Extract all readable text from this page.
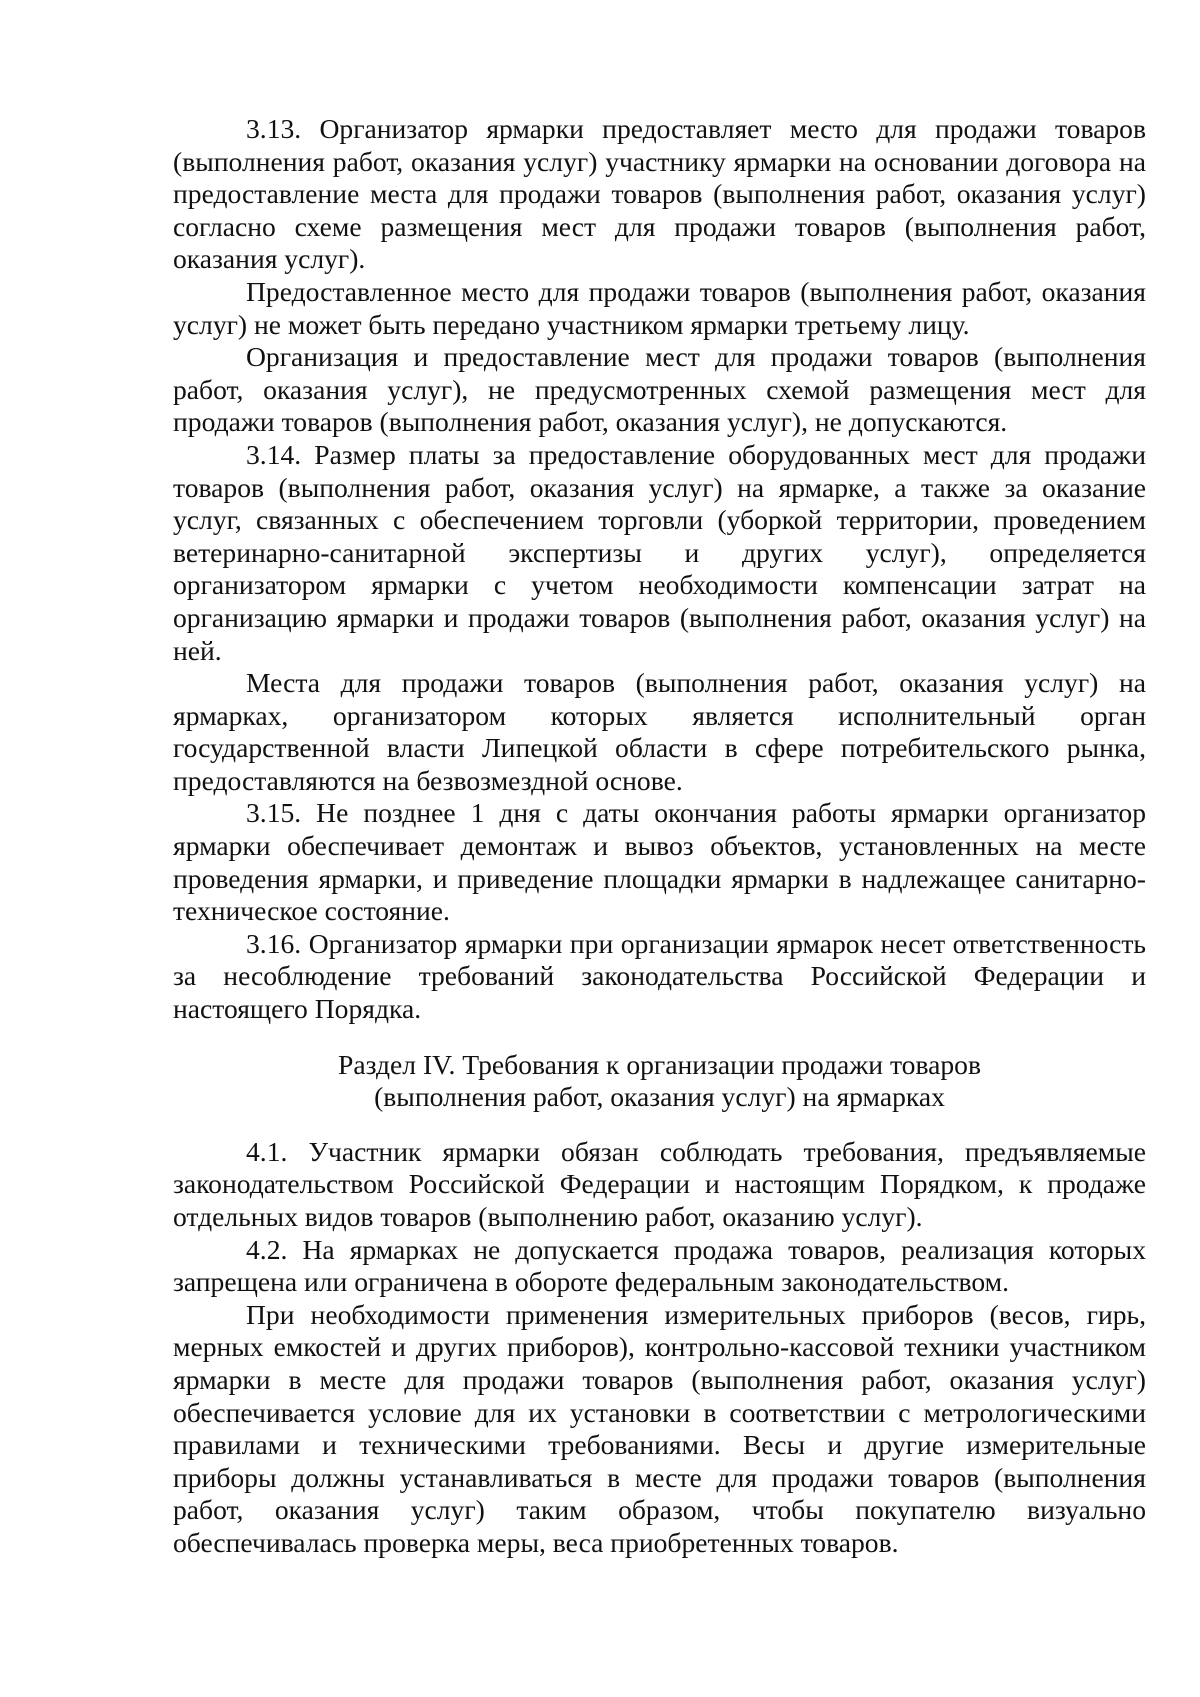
3.13. Организатор ярмарки предоставляет место для продажи товаров (выполнения работ, оказания услуг) участнику ярмарки на основании договора на предоставление места для продажи товаров (выполнения работ, оказания услуг) согласно схеме размещения мест для продажи товаров (выполнения работ, оказания услуг).

Предоставленное место для продажи товаров (выполнения работ, оказания услуг) не может быть передано участником ярмарки третьему лицу.

Организация и предоставление мест для продажи товаров (выполнения работ, оказания услуг), не предусмотренных схемой размещения мест для продажи товаров (выполнения работ, оказания услуг), не допускаются.

3.14. Размер платы за предоставление оборудованных мест для продажи товаров (выполнения работ, оказания услуг) на ярмарке, а также за оказание услуг, связанных с обеспечением торговли (уборкой территории, проведением ветеринарно-санитарной экспертизы и других услуг), определяется организатором ярмарки с учетом необходимости компенсации затрат на организацию ярмарки и продажи товаров (выполнения работ, оказания услуг) на ней.

Места для продажи товаров (выполнения работ, оказания услуг) на ярмарках, организатором которых является исполнительный орган государственной власти Липецкой области в сфере потребительского рынка, предоставляются на безвозмездной основе.

3.15. Не позднее 1 дня с даты окончания работы ярмарки организатор ярмарки обеспечивает демонтаж и вывоз объектов, установленных на месте проведения ярмарки, и приведение площадки ярмарки в надлежащее санитарно-техническое состояние.

3.16. Организатор ярмарки при организации ярмарок несет ответственность за несоблюдение требований законодательства Российской Федерации и настоящего Порядка.

Раздел IV. Требования к организации продажи товаров
(выполнения работ, оказания услуг) на ярмарках

4.1. Участник ярмарки обязан соблюдать требования, предъявляемые законодательством Российской Федерации и настоящим Порядком, к продаже отдельных видов товаров (выполнению работ, оказанию услуг).

4.2. На ярмарках не допускается продажа товаров, реализация которых запрещена или ограничена в обороте федеральным законодательством.

При необходимости применения измерительных приборов (весов, гирь, мерных емкостей и других приборов), контрольно-кассовой техники участником ярмарки в месте для продажи товаров (выполнения работ, оказания услуг) обеспечивается условие для их установки в соответствии с метрологическими правилами и техническими требованиями. Весы и другие измерительные приборы должны устанавливаться в месте для продажи товаров (выполнения работ, оказания услуг) таким образом, чтобы покупателю визуально обеспечивалась проверка меры, веса приобретенных товаров.
